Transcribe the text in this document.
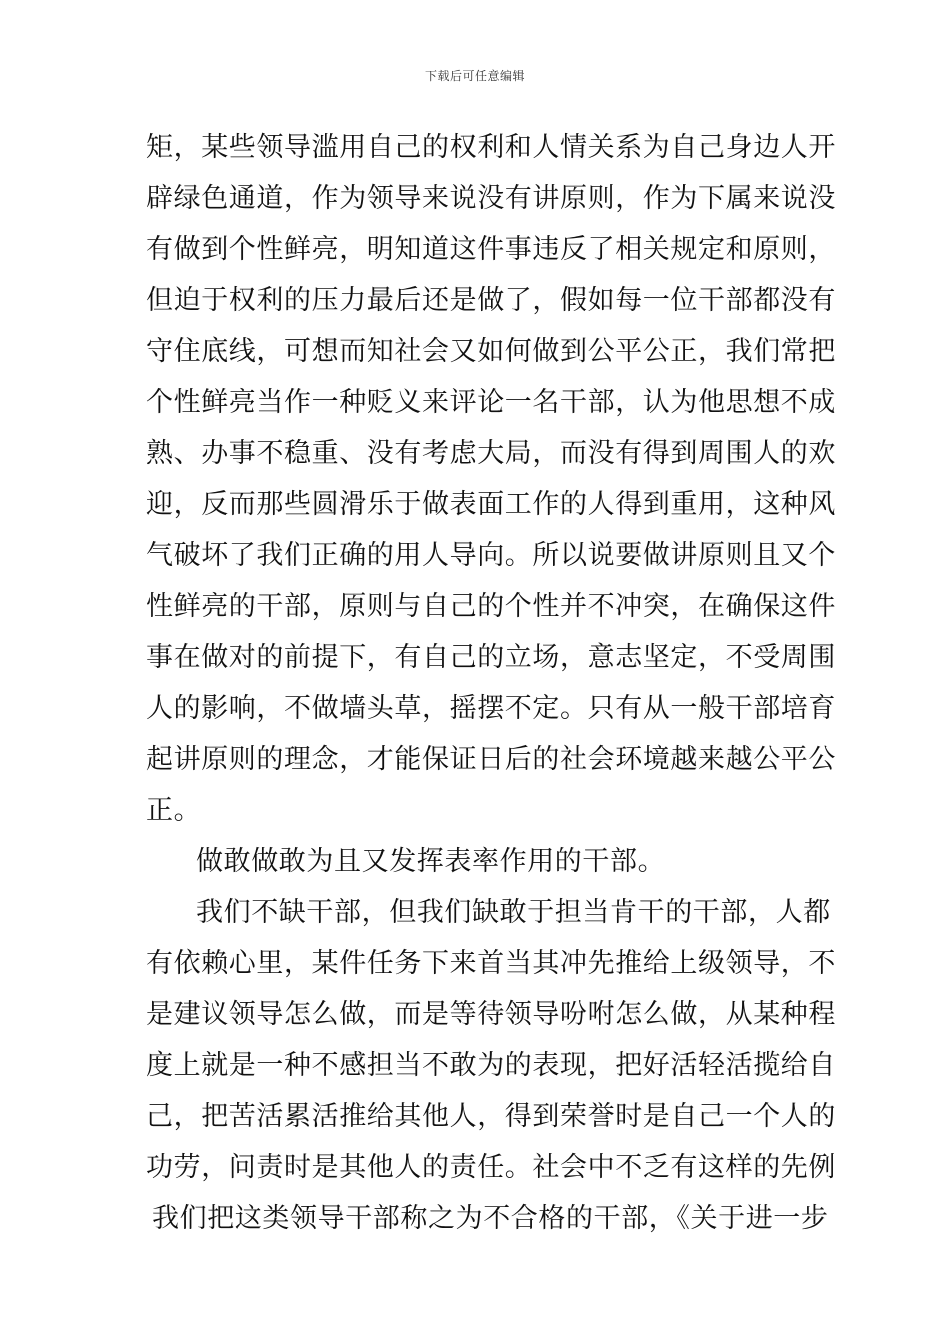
下载后可任意编辑
矩，某些领导滥用自己的权利和人情关系为自己身边人开
辟绿色通道，作为领导来说没有讲原则，作为下属来说没
有做到个性鲜亮，明知道这件事违反了相关规定和原则，
但迫于权利的压力最后还是做了，假如每一位干部都没有
守住底线，可想而知社会又如何做到公平公正，我们常把
个性鲜亮当作一种贬义来评论一名干部，认为他思想不成
熟、办事不稳重、没有考虑大局，而没有得到周围人的欢
迎，反而那些圆滑乐于做表面工作的人得到重用，这种风
气破坏了我们正确的用人导向。所以说要做讲原则且又个
性鲜亮的干部，原则与自己的个性并不冲突，在确保这件
事在做对的前提下，有自己的立场，意志坚定，不受周围
人的影响，不做墙头草，摇摆不定。只有从一般干部培育
起讲原则的理念，才能保证日后的社会环境越来越公平公
正。
做敢做敢为且又发挥表率作用的干部。
我们不缺干部，但我们缺敢于担当肯干的干部，人都
有依赖心里，某件任务下来首当其冲先推给上级领导，不
是建议领导怎么做，而是等待领导吩咐怎么做，从某种程
度上就是一种不感担当不敢为的表现，把好活轻活揽给自
己，把苦活累活推给其他人，得到荣誉时是自己一个人的
功劳，问责时是其他人的责任。社会中不乏有这样的先例
我们把这类领导干部称之为不合格的干部，《关于进一步
